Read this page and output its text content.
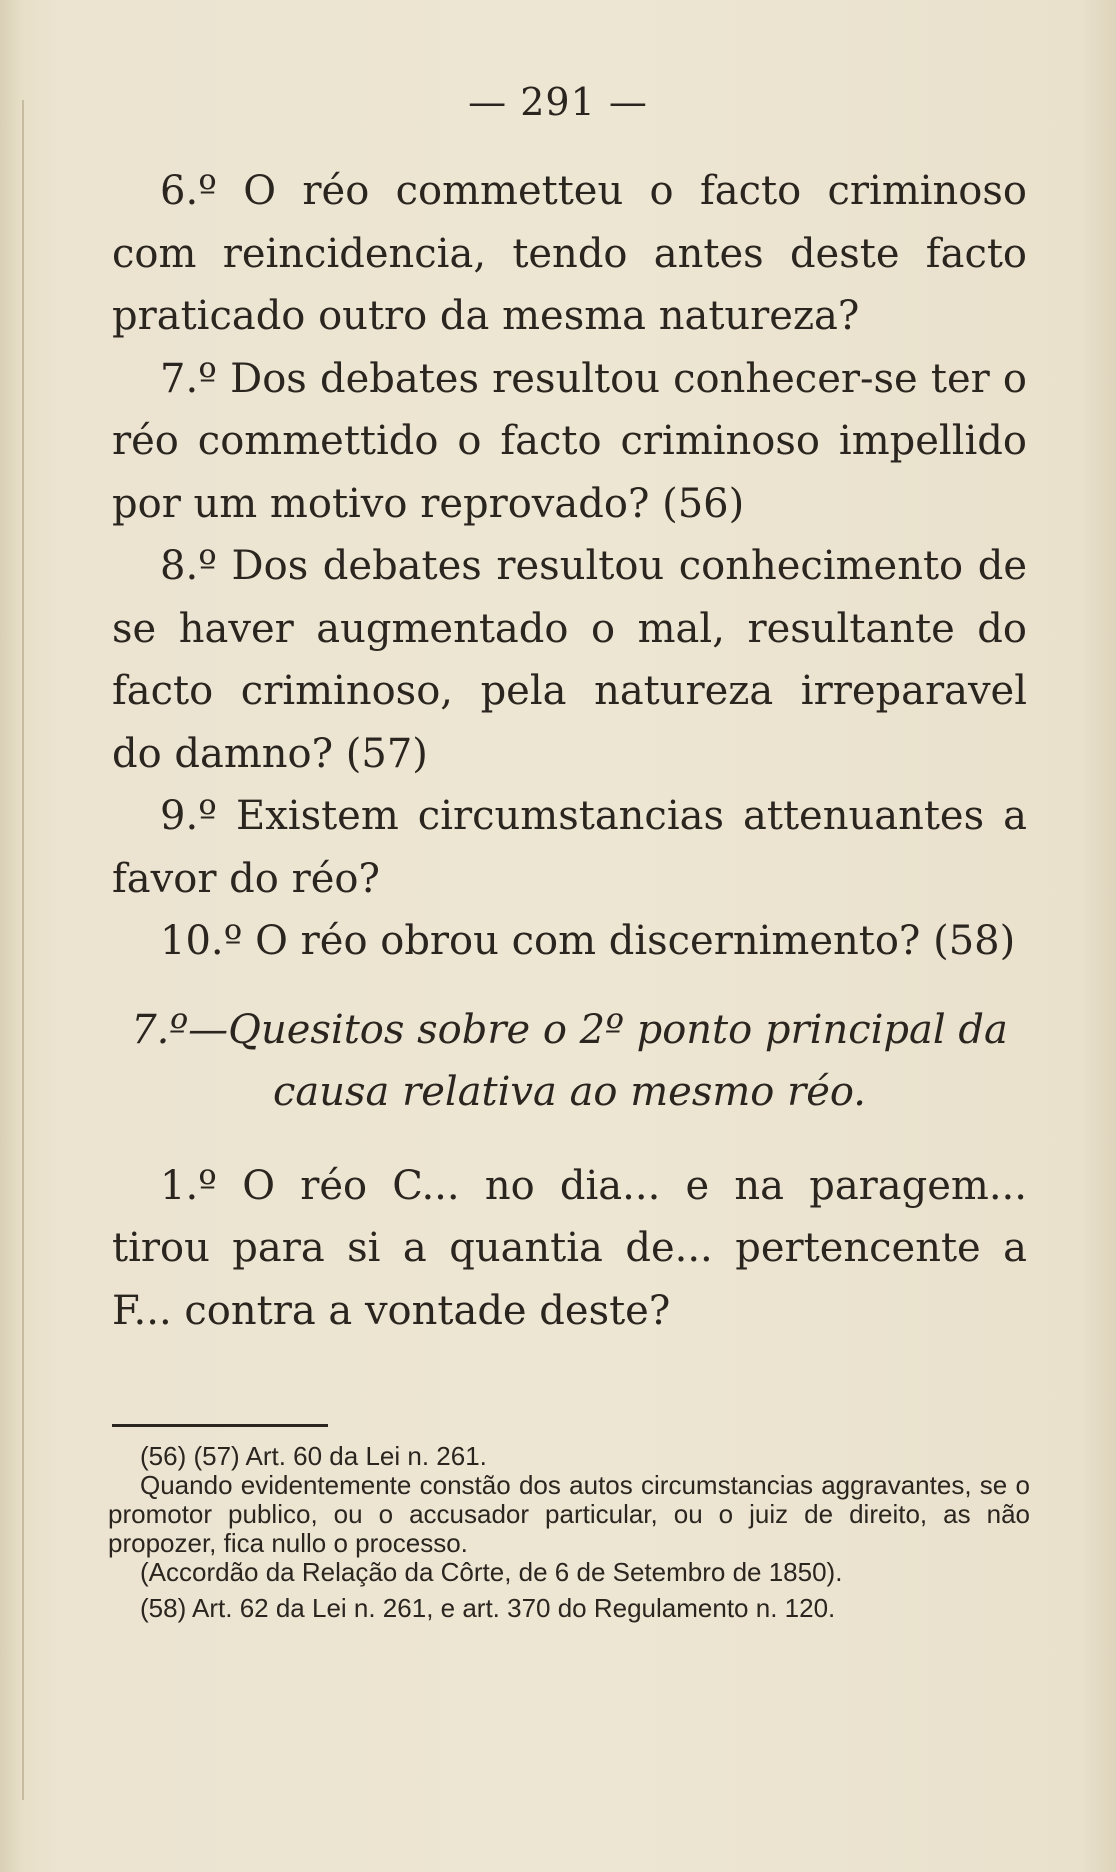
— 291 —

6.º O réo commetteu o facto criminoso com reincidencia, tendo antes deste facto praticado outro da mesma natureza?

7.º Dos debates resultou conhecer-se ter o réo commettido o facto criminoso impellido por um motivo reprovado? (56)

8.º Dos debates resultou conhecimento de se haver augmentado o mal, resultante do facto criminoso, pela natureza irreparavel do damno? (57)

9.º Existem circumstancias attenuantes a favor do réo?

10.º O réo obrou com discernimento? (58)

7.º—Quesitos sobre o 2º ponto principal da
causa relativa ao mesmo réo.

1.º O réo C... no dia... e na paragem... tirou para si a quantia de... pertencente a F... contra a vontade deste?

(56) (57) Art. 60 da Lei n. 261.

Quando evidentemente constão dos autos circumstancias aggravantes, se o promotor publico, ou o accusador particular, ou o juiz de direito, as não propozer, fica nullo o processo.

(Accordão da Relação da Côrte, de 6 de Setembro de 1850).

(58) Art. 62 da Lei n. 261, e art. 370 do Regulamento n. 120.
